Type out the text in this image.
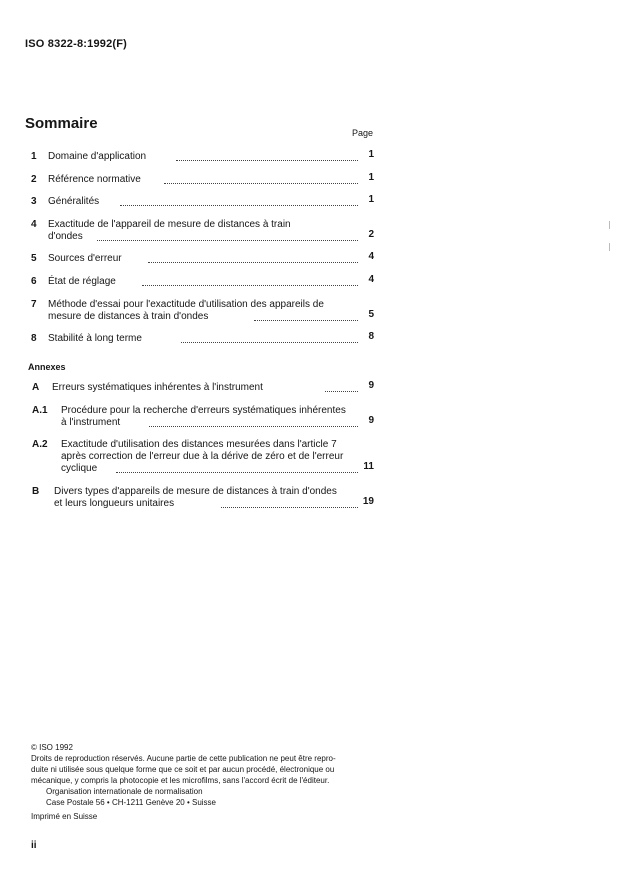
ISO 8322-8:1992(F)
Sommaire
Page
1 Domaine d'application	1
2 Référence normative	1
3 Généralités	1
4 Exactitude de l'appareil de mesure de distances à train
d'ondes	2
5 Sources d'erreur	4
6 État de réglage	4
7 Méthode d'essai pour l'exactitude d'utilisation des appareils de
mesure de distances à train d'ondes	5
8 Stabilité à long terme	8
Annexes
A Erreurs systématiques inhérentes à l'instrument	9
A.1 Procédure pour la recherche d'erreurs systématiques inhérentes
à l'instrument	9
A.2 Exactitude d'utilisation des distances mesurées dans l'article 7
après correction de l'erreur due à la dérive de zéro et de l'erreur
cyclique	11
B Divers types d'appareils de mesure de distances à train d'ondes
et leurs longueurs unitaires	19
© ISO 1992
Droits de reproduction réservés. Aucune partie de cette publication ne peut être repro-
duite ni utilisée sous quelque forme que ce soit et par aucun procédé, électronique ou
mécanique, y compris la photocopie et les microfilms, sans l'accord écrit de l'éditeur.
Organisation internationale de normalisation
Case Postale 56 • CH-1211 Genève 20 • Suisse
Imprimé en Suisse
ii
